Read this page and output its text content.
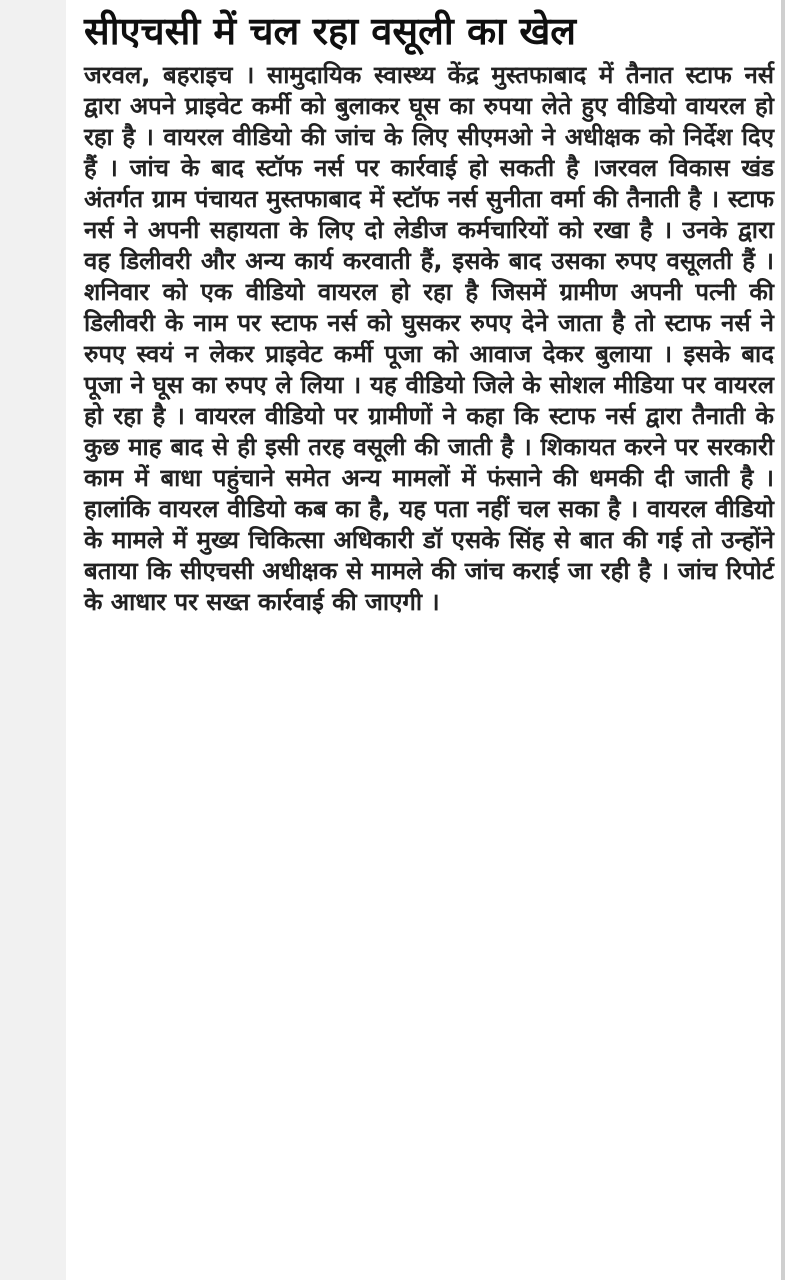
सीएचसी में चल रहा वसूली का खेल

जरवल, बहराइच । सामुदायिक स्वास्थ्य केंद्र मुस्तफाबाद में तैनात स्टाफ नर्स द्वारा अपने प्राइवेट कर्मी को बुलाकर घूस का रुपया लेते हुए वीडियो वायरल हो रहा है । वायरल वीडियो की जांच के लिए सीएमओ ने अधीक्षक को निर्देश दिए हैं । जांच के बाद स्टॉफ नर्स पर कार्रवाई हो सकती है ।जरवल विकास खंड अंतर्गत ग्राम पंचायत मुस्तफाबाद में स्टॉफ नर्स सुनीता वर्मा की तैनाती है । स्टाफ नर्स ने अपनी सहायता के लिए दो लेडीज कर्मचारियों को रखा है । उनके द्वारा वह डिलीवरी और अन्य कार्य करवाती हैं, इसके बाद उसका रुपए वसूलती हैं । शनिवार को एक वीडियो वायरल हो रहा है जिसमें ग्रामीण अपनी पत्नी की डिलीवरी के नाम पर स्टाफ नर्स को घुसकर रुपए देने जाता है तो स्टाफ नर्स ने रुपए स्वयं न लेकर प्राइवेट कर्मी पूजा को आवाज देकर बुलाया । इसके बाद पूजा ने घूस का रुपए ले लिया । यह वीडियो जिले के सोशल मीडिया पर वायरल हो रहा है । वायरल वीडियो पर ग्रामीणों ने कहा कि स्टाफ नर्स द्वारा तैनाती के कुछ माह बाद से ही इसी तरह वसूली की जाती है । शिकायत करने पर सरकारी काम में बाधा पहुंचाने समेत अन्य मामलों में फंसाने की धमकी दी जाती है । हालांकि वायरल वीडियो कब का है, यह पता नहीं चल सका है । वायरल वीडियो के मामले में मुख्य चिकित्सा अधिकारी डॉ एसके सिंह से बात की गई तो उन्होंने बताया कि सीएचसी अधीक्षक से मामले की जांच कराई जा रही है । जांच रिपोर्ट के आधार पर सख्त कार्रवाई की जाएगी ।
